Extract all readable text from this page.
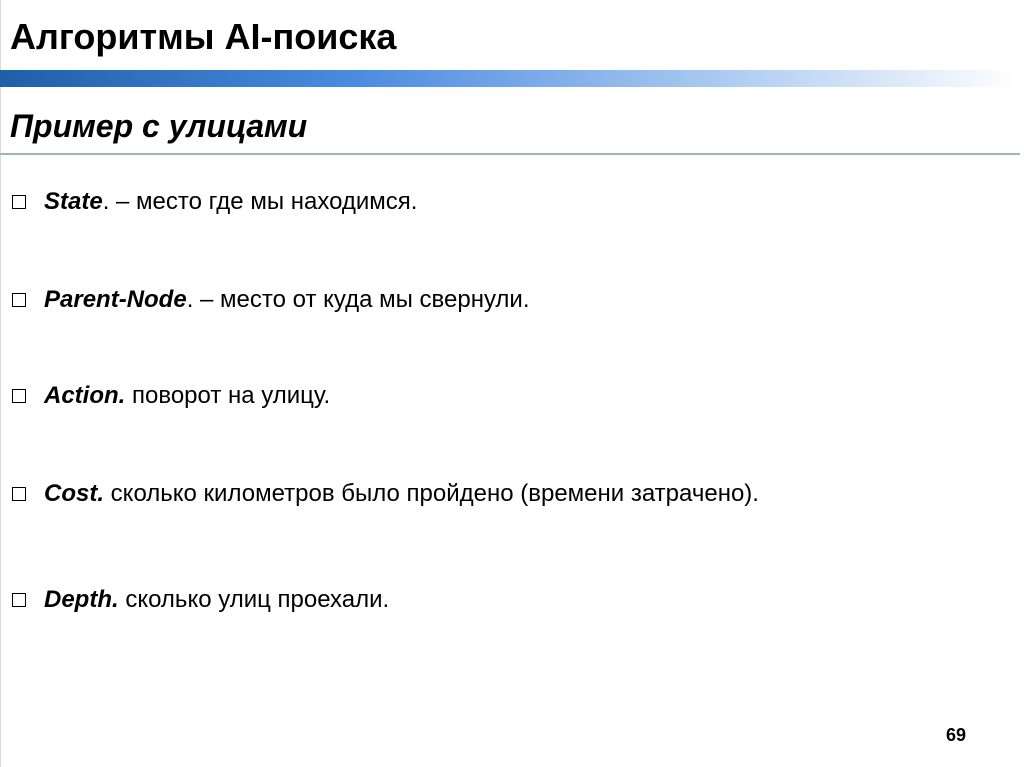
Алгоритмы AI-поиска
Пример с улицами
State . – место где мы находимся.
Parent-Node . – место от куда мы свернули.
Action. поворот на улицу.
Cost. сколько километров было пройдено (времени затрачено).
Depth. сколько улиц проехали.
69
